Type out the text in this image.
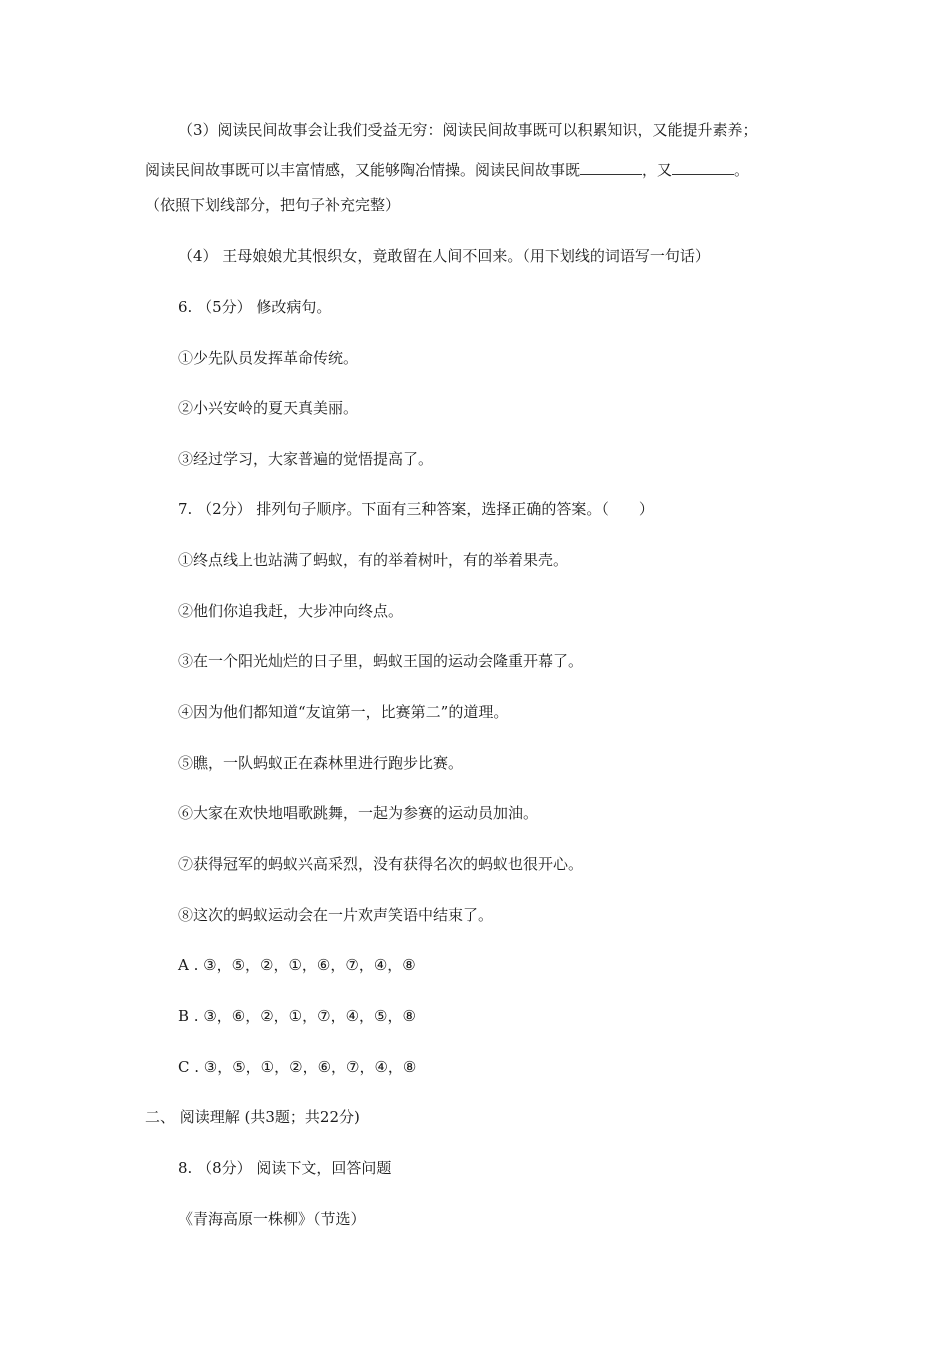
（3）阅读民间故事会让我们受益无穷：阅读民间故事既可以积累知识，又能提升素养；
阅读民间故事既可以丰富情感，又能够陶冶情操。阅读民间故事既	，又	。
（依照下划线部分，把句子补充完整）
（4） 王母娘娘尤其恨织女，竟敢留在人间不回来。（用下划线的词语写一句话）
6. （5分） 修改病句。
①少先队员发挥革命传统。
②小兴安岭的夏天真美丽。
③经过学习，大家普遍的觉悟提高了。
7. （2分） 排列句子顺序。下面有三种答案，选择正确的答案。（　　）
①终点线上也站满了蚂蚁，有的举着树叶，有的举着果壳。
②他们你追我赶，大步冲向终点。
③在一个阳光灿烂的日子里，蚂蚁王国的运动会隆重开幕了。
④因为他们都知道“友谊第一，比赛第二”的道理。
⑤瞧，一队蚂蚁正在森林里进行跑步比赛。
⑥大家在欢快地唱歌跳舞，一起为参赛的运动员加油。
⑦获得冠军的蚂蚁兴高采烈，没有获得名次的蚂蚁也很开心。
⑧这次的蚂蚁运动会在一片欢声笑语中结束了。
A . ③，⑤，②，①，⑥，⑦，④，⑧
B . ③，⑥，②，①，⑦，④，⑤，⑧
C . ③，⑤，①，②，⑥，⑦，④，⑧
二、 阅读理解 (共3题；共22分)
8. （8分） 阅读下文，回答问题
《青海高原一株柳》（节选）
